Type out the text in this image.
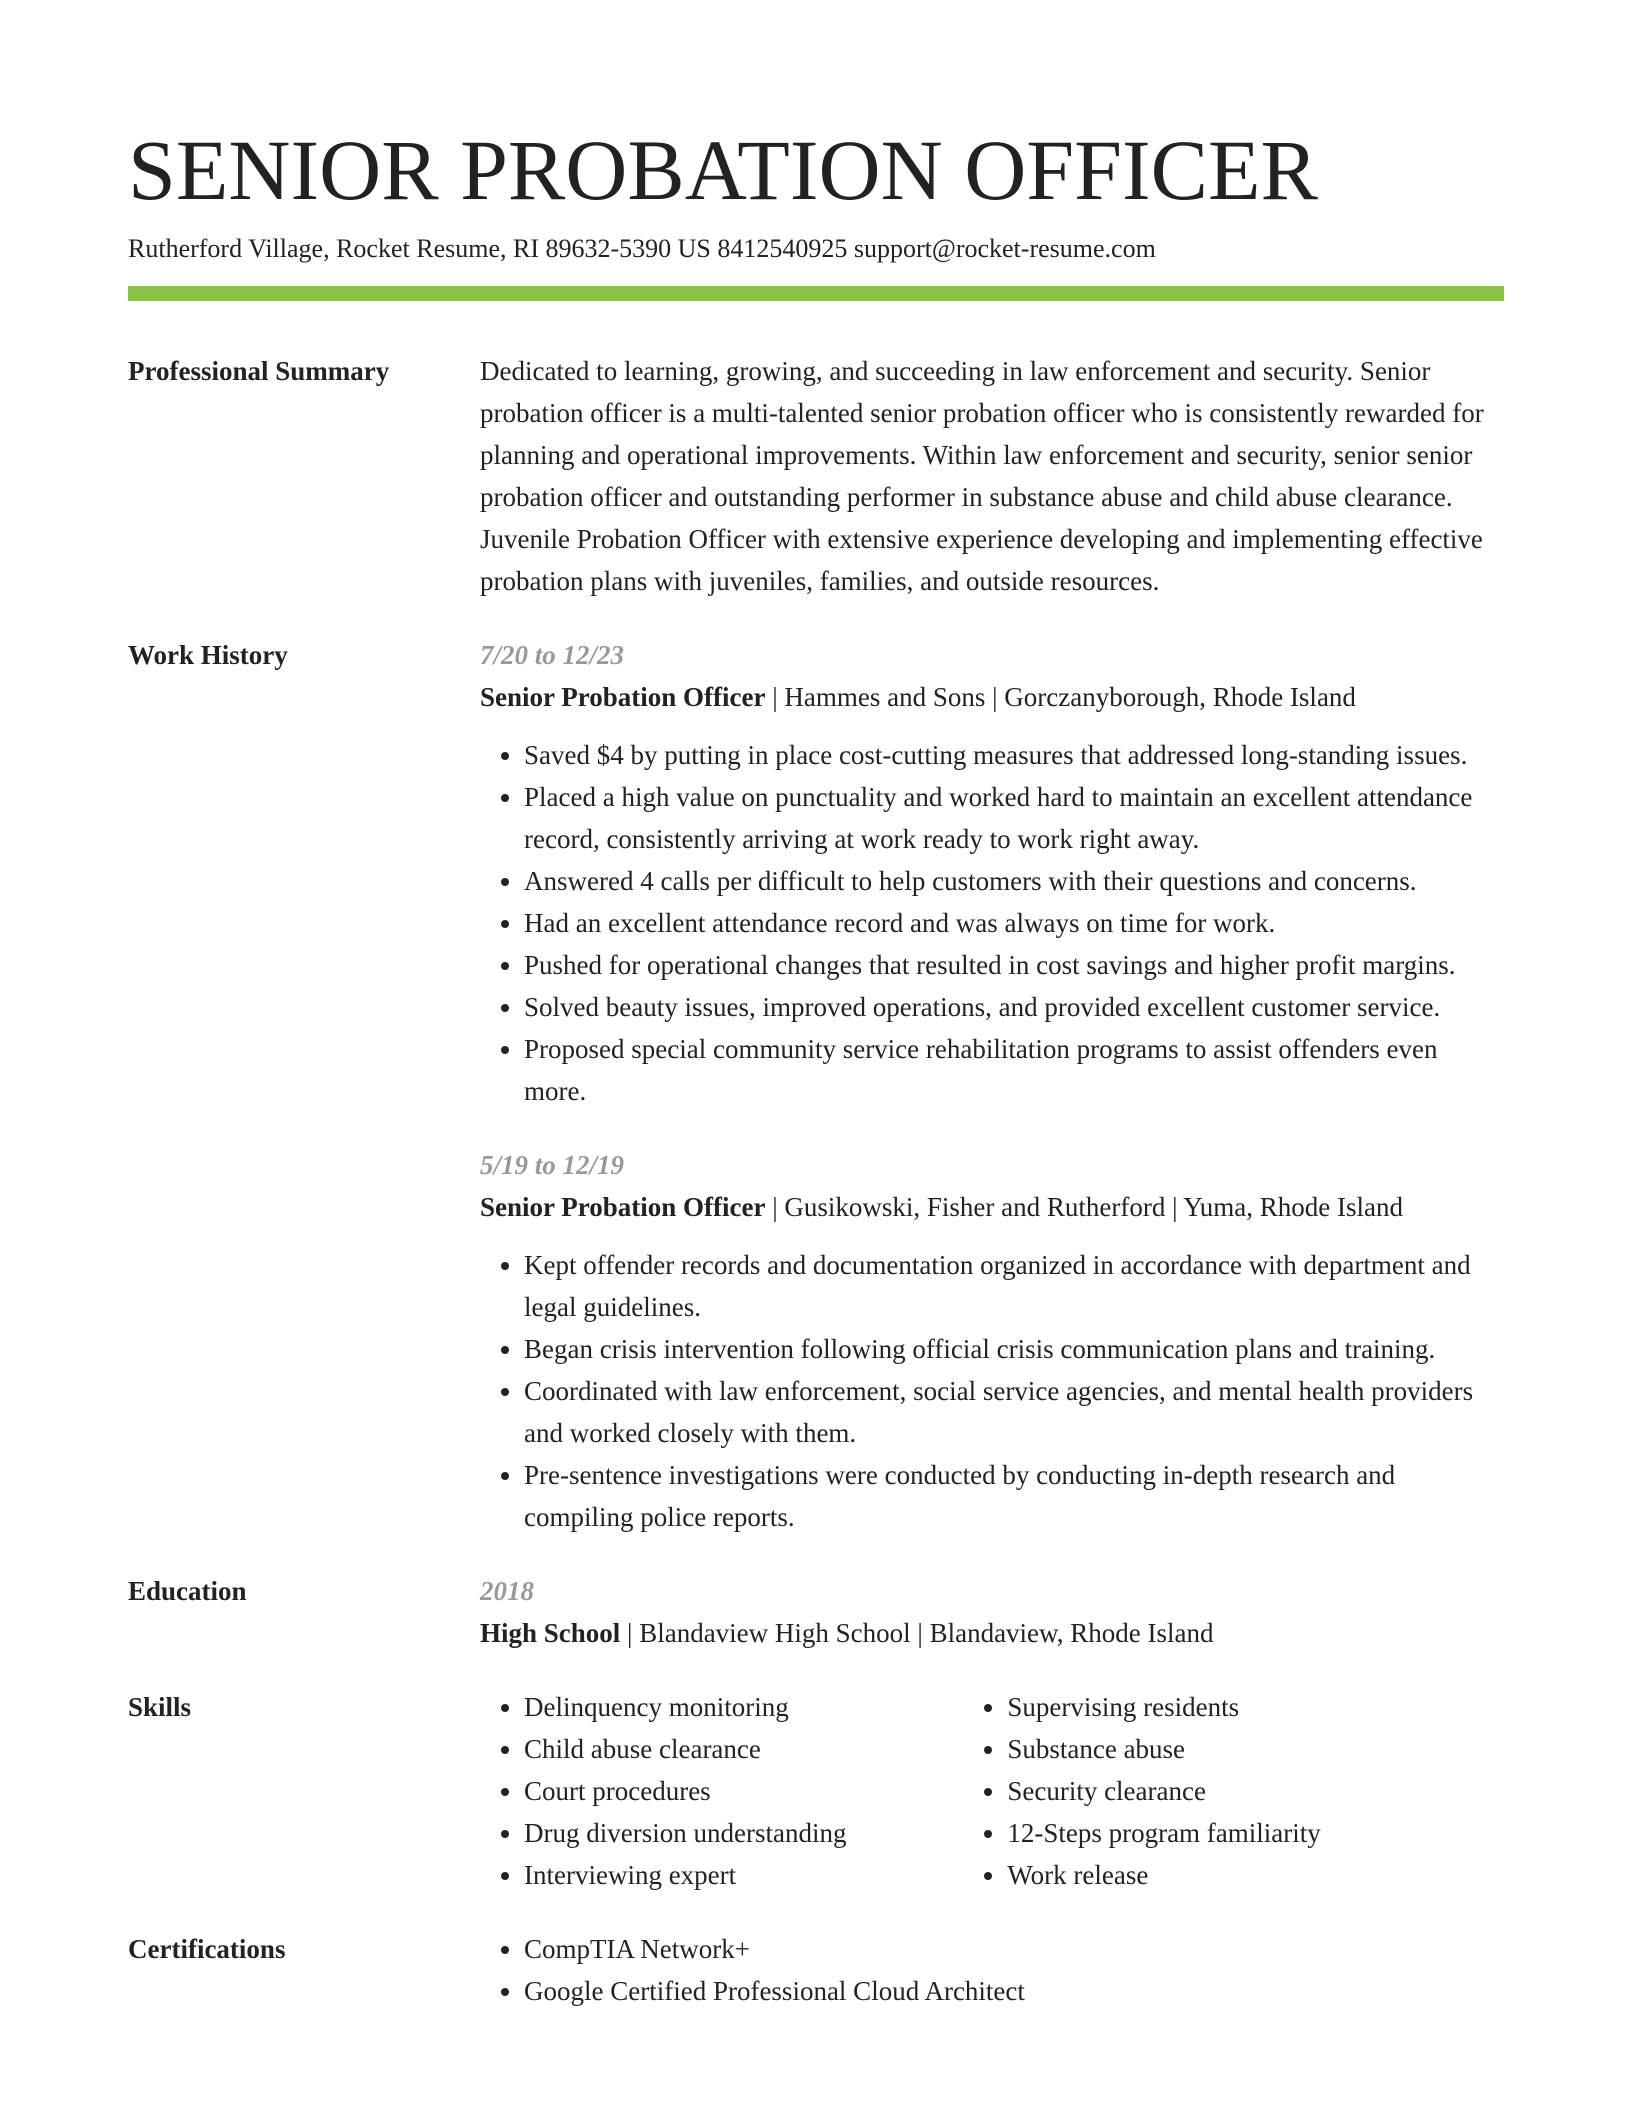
SENIOR PROBATION OFFICER
Rutherford Village, Rocket Resume, RI 89632-5390 US 8412540925 support@rocket-resume.com
Professional Summary	Dedicated to learning, growing, and succeeding in law enforcement and security. Senior probation officer is a multi-talented senior probation officer who is consistently rewarded for planning and operational improvements. Within law enforcement and security, senior senior probation officer and outstanding performer in substance abuse and child abuse clearance. Juvenile Probation Officer with extensive experience developing and implementing effective probation plans with juveniles, families, and outside resources.

Work History	7/20 to 12/23
Senior Probation Officer | Hammes and Sons | Gorczanyborough, Rhode Island
• Saved $4 by putting in place cost-cutting measures that addressed long-standing issues.
• Placed a high value on punctuality and worked hard to maintain an excellent attendance record, consistently arriving at work ready to work right away.
• Answered 4 calls per difficult to help customers with their questions and concerns.
• Had an excellent attendance record and was always on time for work.
• Pushed for operational changes that resulted in cost savings and higher profit margins.
• Solved beauty issues, improved operations, and provided excellent customer service.
• Proposed special community service rehabilitation programs to assist offenders even more.
5/19 to 12/19
Senior Probation Officer | Gusikowski, Fisher and Rutherford | Yuma, Rhode Island
• Kept offender records and documentation organized in accordance with department and legal guidelines.
• Began crisis intervention following official crisis communication plans and training.
• Coordinated with law enforcement, social service agencies, and mental health providers and worked closely with them.
• Pre-sentence investigations were conducted by conducting in-depth research and compiling police reports.
Education	2018
High School | Blandaview High School | Blandaview, Rhode Island
Skills	• Delinquency monitoring
• Child abuse clearance
• Court procedures
• Drug diversion understanding
• Interviewing expert
• Supervising residents
• Substance abuse
• Security clearance
• 12-Steps program familiarity
• Work release
Certifications	• CompTIA Network+
• Google Certified Professional Cloud Architect
